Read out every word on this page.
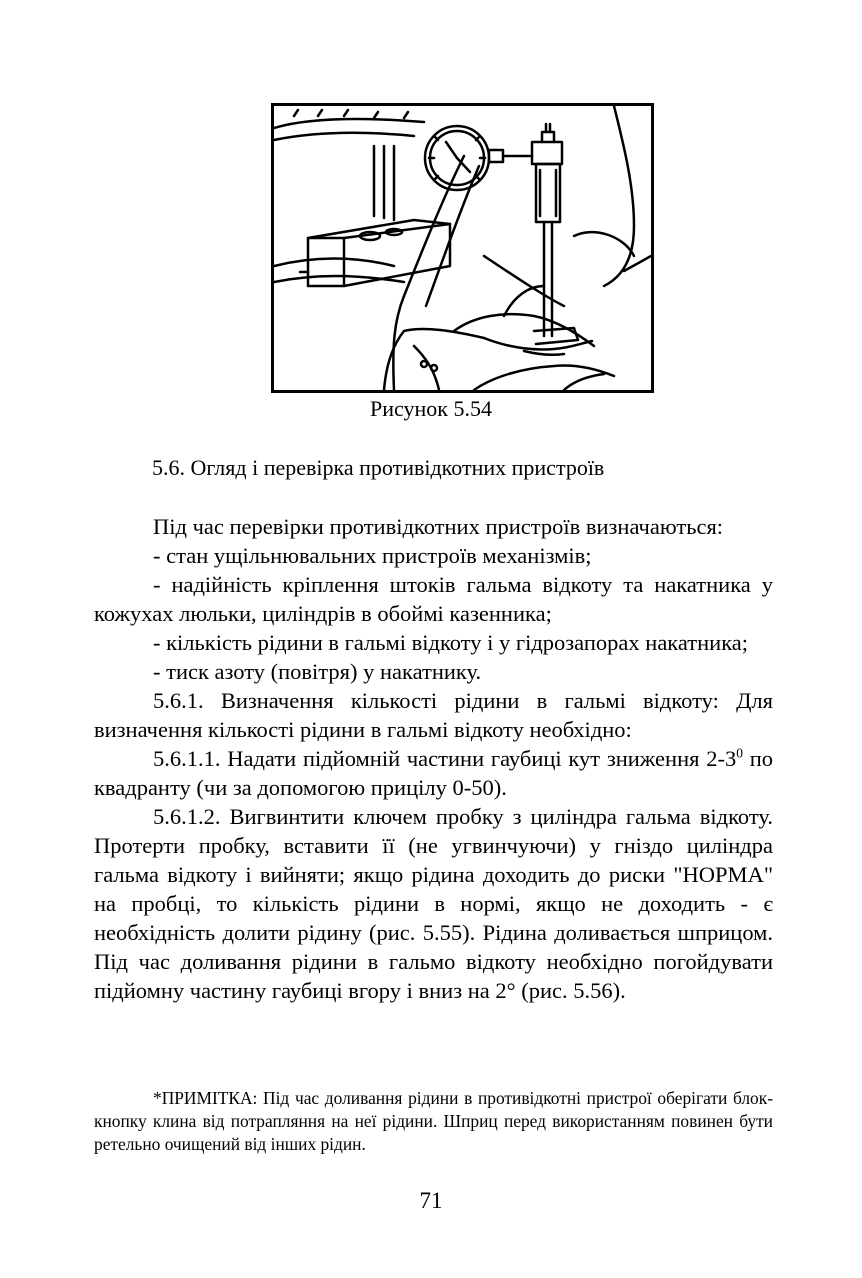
Рисунок 5.54
5.6. Огляд і перевірка противідкотних пристроїв

Під час перевірки противідкотних пристроїв визначаються:

- стан ущільнювальних пристроїв механізмів;

- надійність кріплення штоків гальма відкоту та накатника у кожухах люльки, циліндрів в обоймі казенника;

- кількість рідини в гальмі відкоту і у гідрозапорах накатника;

- тиск азоту (повітря) у накатнику.

5.6.1. Визначення кількості рідини в гальмі відкоту: Для визначення кількості рідини в гальмі відкоту необхідно:

5.6.1.1. Надати підйомній частини гаубиці кут зниження $2-3^0$ по квадранту (чи за допомогою прицілу 0-50).

5.6.1.2. Вигвинтити ключем пробку з циліндра гальма відкоту. Протерти пробку, вставити її (не угвинчуючи) у гніздо циліндра гальма відкоту і вийняти; якщо рідина доходить до риски "НОРМА" на пробці, то кількість рідини в нормі, якщо не доходить - є необхідність долити рідину (рис. 5.55). Рідина доливається шприцом. Під час доливання рідини в гальмо відкоту необхідно погойдувати підйомну частину гаубиці вгору і вниз на 2° (рис. 5.56).

*ПРИМІТКА: Під час доливання рідини в противідкотні пристрої оберігати блок-кнопку клина від потрапляння на неї рідини. Шприц перед використанням повинен бути ретельно очищений від інших рідин.
71
